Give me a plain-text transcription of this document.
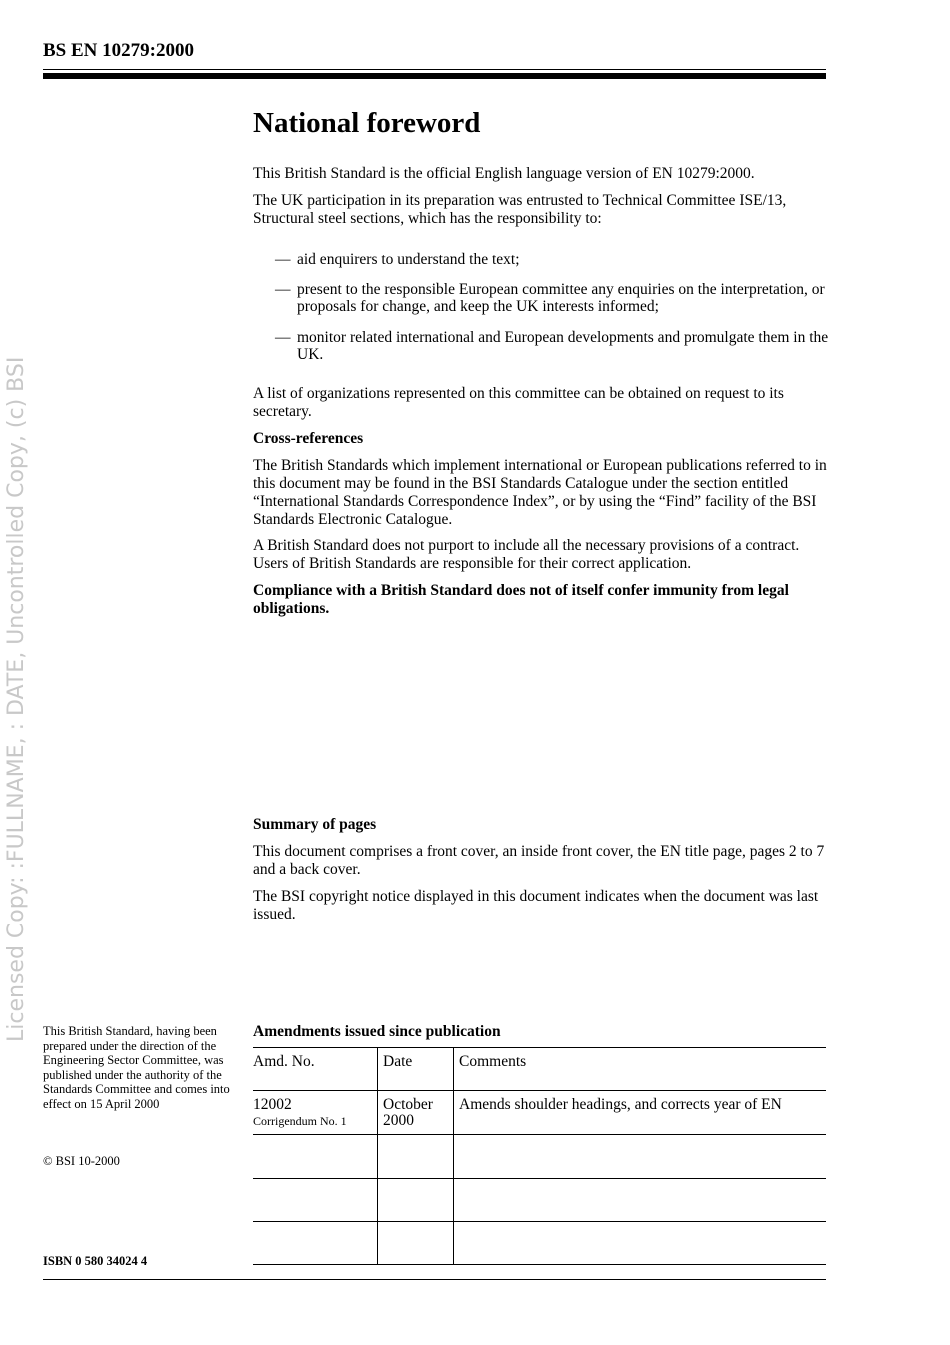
Licensed Copy: :FULLNAME, : DATE, Uncontrolled Copy, (c) BSI
BS EN 10279:2000
National foreword

This British Standard is the official English language version of EN 10279:2000.

The UK participation in its preparation was entrusted to Technical Committee ISE/13, Structural steel sections, which has the responsibility to:

— aid enquirers to understand the text;
— present to the responsible European committee any enquiries on the interpretation, or proposals for change, and keep the UK interests informed;
— monitor related international and European developments and promulgate them in the UK.

A list of organizations represented on this committee can be obtained on request to its secretary.

Cross-references

The British Standards which implement international or European publications referred to in this document may be found in the BSI Standards Catalogue under the section entitled “International Standards Correspondence Index”, or by using the “Find” facility of the BSI Standards Electronic Catalogue.

A British Standard does not purport to include all the necessary provisions of a contract. Users of British Standards are responsible for their correct application.

Compliance with a British Standard does not of itself confer immunity from legal obligations.

Summary of pages

This document comprises a front cover, an inside front cover, the EN title page, pages 2 to 7 and a back cover.

The BSI copyright notice displayed in this document indicates when the document was last issued.

This British Standard, having been prepared under the direction of the Engineering Sector Committee, was published under the authority of the Standards Committee and comes into effect on 15 April 2000
© BSI 10-2000
ISBN 0 580 34024 4
Amendments issued since publication
Amd. No.	Date	Comments
12002
Corrigendum No. 1
October
2000
Amends shoulder headings, and corrects year of EN
